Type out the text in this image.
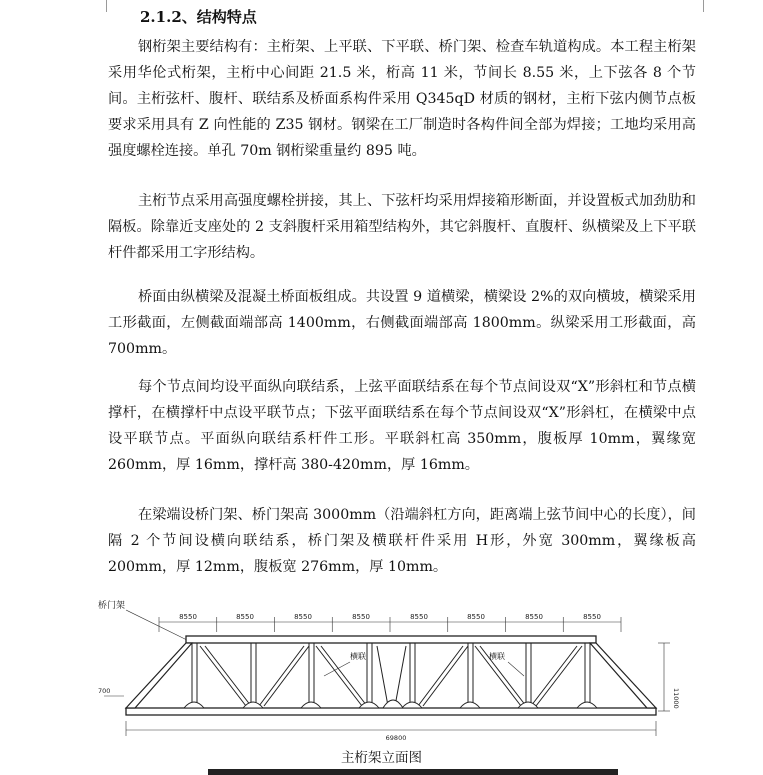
2.1.2、结构特点

钢桁架主要结构有：主桁架、上平联、下平联、桥门架、检查车轨道构成。本工程主桁架采用华伦式桁架，主桁中心间距 21.5 米，桁高 11 米，节间长 8.55 米，上下弦各 8 个节间。主桁弦杆、腹杆、联结系及桥面系构件采用 Q345qD 材质的钢材，主桁下弦内侧节点板要求采用具有 Z 向性能的 Z35 钢材。钢梁在工厂制造时各构件间全部为焊接；工地均采用高强度螺栓连接。单孔 70m 钢桁梁重量约 895 吨。

主桁节点采用高强度螺栓拼接，其上、下弦杆均采用焊接箱形断面，并设置板式加劲肋和隔板。除靠近支座处的 2 支斜腹杆采用箱型结构外，其它斜腹杆、直腹杆、纵横梁及上下平联杆件都采用工字形结构。

桥面由纵横梁及混凝土桥面板组成。共设置 9 道横梁，横梁设 2%的双向横坡，横梁采用工形截面，左侧截面端部高 1400mm，右侧截面端部高 1800mm。纵梁采用工形截面，高 700mm。

每个节点间均设平面纵向联结系，上弦平面联结系在每个节点间设双“X”形斜杠和节点横撑杆，在横撑杆中点设平联节点；下弦平面联结系在每个节点间设双“X”形斜杠，在横梁中点设平联节点。平面纵向联结系杆件工形。平联斜杠高 350mm，腹板厚 10mm，翼缘宽 260mm，厚 16mm，撑杆高 380-420mm，厚 16mm。

在梁端设桥门架、桥门架高 3000mm（沿端斜杠方向，距离端上弦节间中心的长度），间隔 2 个节间设横向联结系，桥门架及横联杆件采用 H形，外宽 300mm，翼缘板高 200mm，厚 12mm，腹板宽 276mm，厚 10mm。

桥门架
8550	8550	8550	8550	8550	8550	8550	8550
横联	横联
700	11000
69800
主桁架立面图
